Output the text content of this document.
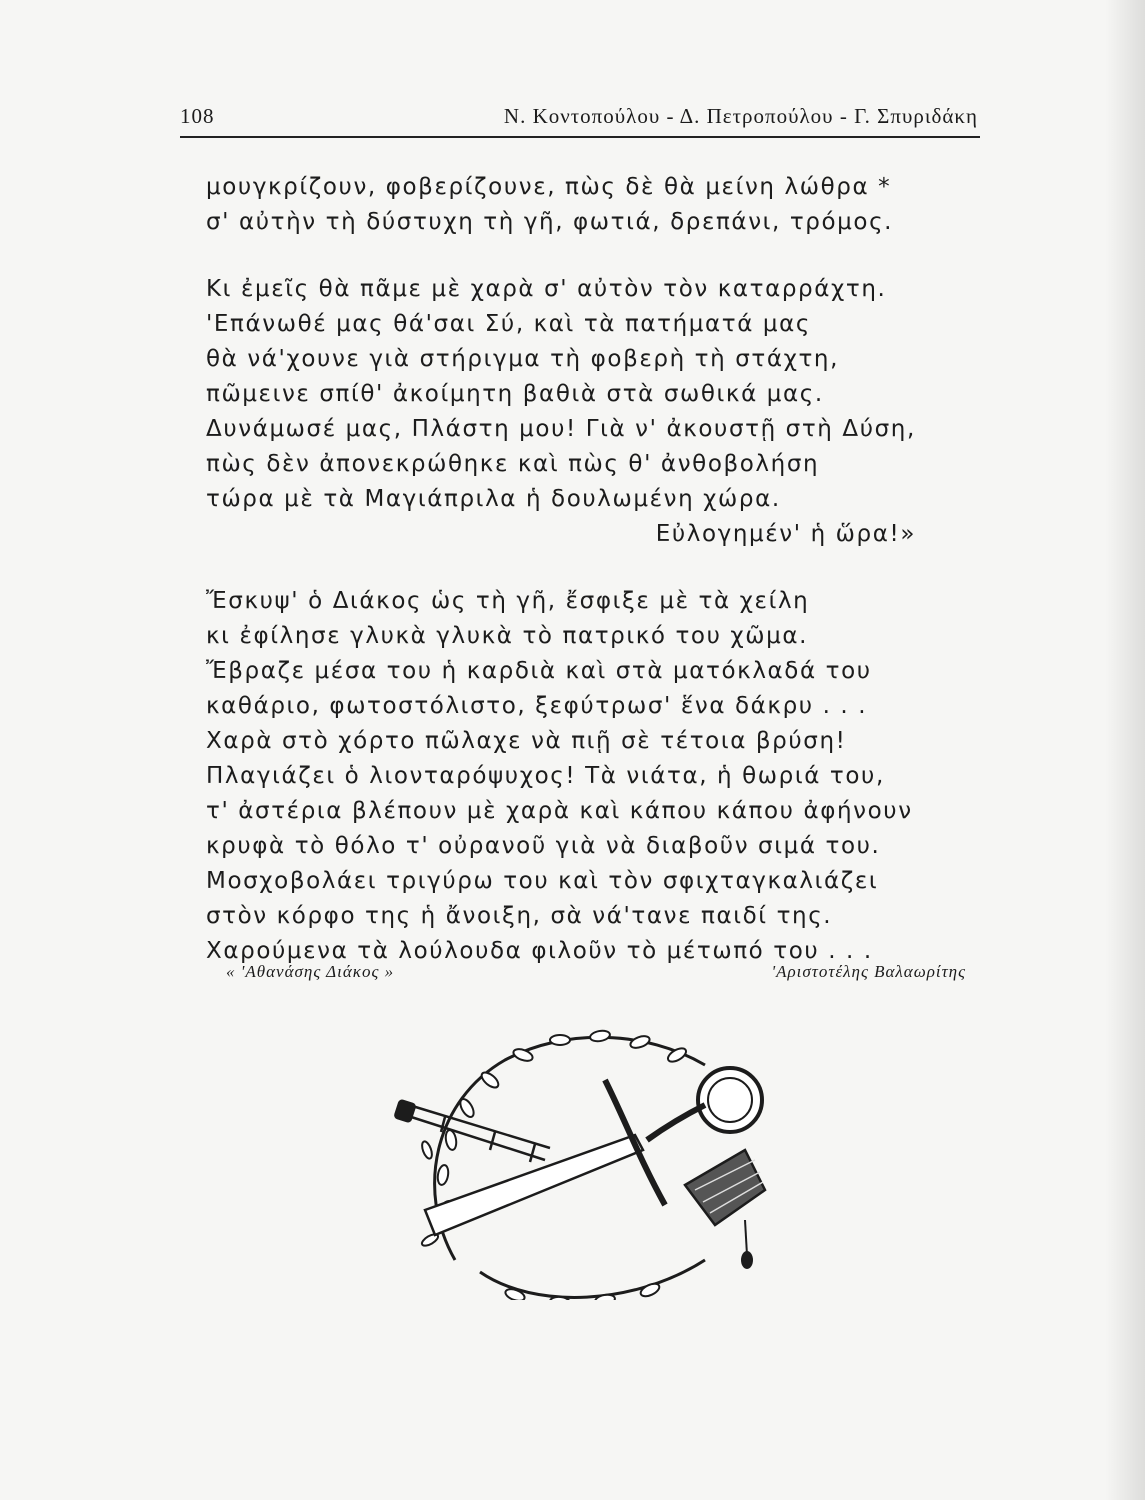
108	Ν. Κοντοπούλου - Δ. Πετροπούλου - Γ. Σπυριδάκη
μουγκρίζουν, φοβερίζουνε, πὼς δὲ θὰ μείνη λώθρα *
σ' αὐτὴν τὴ δύστυχη τὴ γῆ, φωτιά, δρεπάνι, τρόμος.
Κι ἐμεῖς θὰ πᾶμε μὲ χαρὰ σ' αὐτὸν τὸν καταρράχτη.
'Επάνωθέ μας θά'σαι Σύ, καὶ τὰ πατήματά μας
θὰ νά'χουνε γιὰ στήριγμα τὴ φοβερὴ τὴ στάχτη,
πῶμεινε σπίθ' ἀκοίμητη βαθιὰ στὰ σωθικά μας.
Δυνάμωσέ μας, Πλάστη μου! Γιὰ ν' ἀκουστῇ στὴ Δύση,
πὼς δὲν ἀπονεκρώθηκε καὶ πὼς θ' ἀνθοβολήση
τώρα μὲ τὰ Μαγιάπριλα ἡ δουλωμένη χώρα.
Εὐλογημέν' ἡ ὥρα!»
Ἔσκυψ' ὁ Διάκος ὡς τὴ γῆ, ἔσφιξε μὲ τὰ χείλη
κι ἐφίλησε γλυκὰ γλυκὰ τὸ πατρικό του χῶμα.
Ἔβραζε μέσα του ἡ καρδιὰ καὶ στὰ ματόκλαδά του
καθάριο, φωτοστόλιστο, ξεφύτρωσ' ἕνα δάκρυ . . .
Χαρὰ στὸ χόρτο πῶλαχε νὰ πιῇ σὲ τέτοια βρύση!
Πλαγιάζει ὁ λιονταρόψυχος! Τὰ νιάτα, ἡ θωριά του,
τ' ἀστέρια βλέπουν μὲ χαρὰ καὶ κάπου κάπου ἀφήνουν
κρυφὰ τὸ θόλο τ' οὐρανοῦ γιὰ νὰ διαβοῦν σιμά του.
Μοσχοβολάει τριγύρω του καὶ τὸν σφιχταγκαλιάζει
στὸν κόρφο της ἡ ἄνοιξη, σὰ νά'τανε παιδί της.
Χαρούμενα τὰ λούλουδα φιλοῦν τὸ μέτωπό του . . .
« 'Αθανάσης Διάκος »	'Αριστοτέλης Βαλαωρίτης
